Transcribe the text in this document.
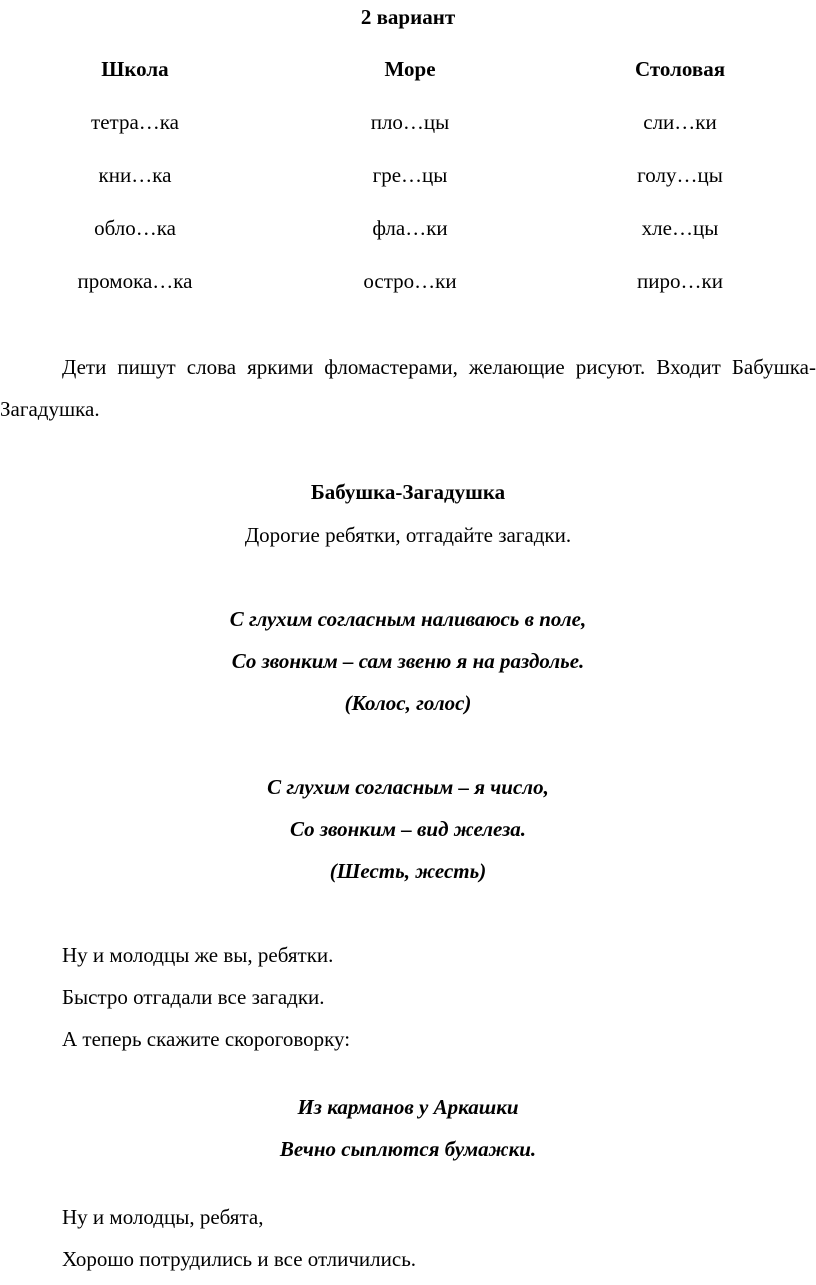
2 вариант
Школа	Море	Столовая
тетра…ка	пло…цы	сли…ки
кни…ка	гре…цы	голу…цы
обло…ка	фла…ки	хле…цы
промока…ка	остро…ки	пиро…ки
Дети пишут слова яркими фломастерами, желающие рисуют. Входит Бабушка-Загадушка.
Бабушка-Загадушка
Дорогие ребятки, отгадайте загадки.
С глухим согласным наливаюсь в поле,
Со звонким – сам звеню я на раздолье.
(Колос, голос)
С глухим согласным – я число,
Со звонким – вид железа.
(Шесть, жесть)
Ну и молодцы же вы, ребятки.
Быстро отгадали все загадки.
А теперь скажите скороговорку:
Из карманов у Аркашки
Вечно сыплются бумажки.
Ну и молодцы, ребята,
Хорошо потрудились и все отличились.
